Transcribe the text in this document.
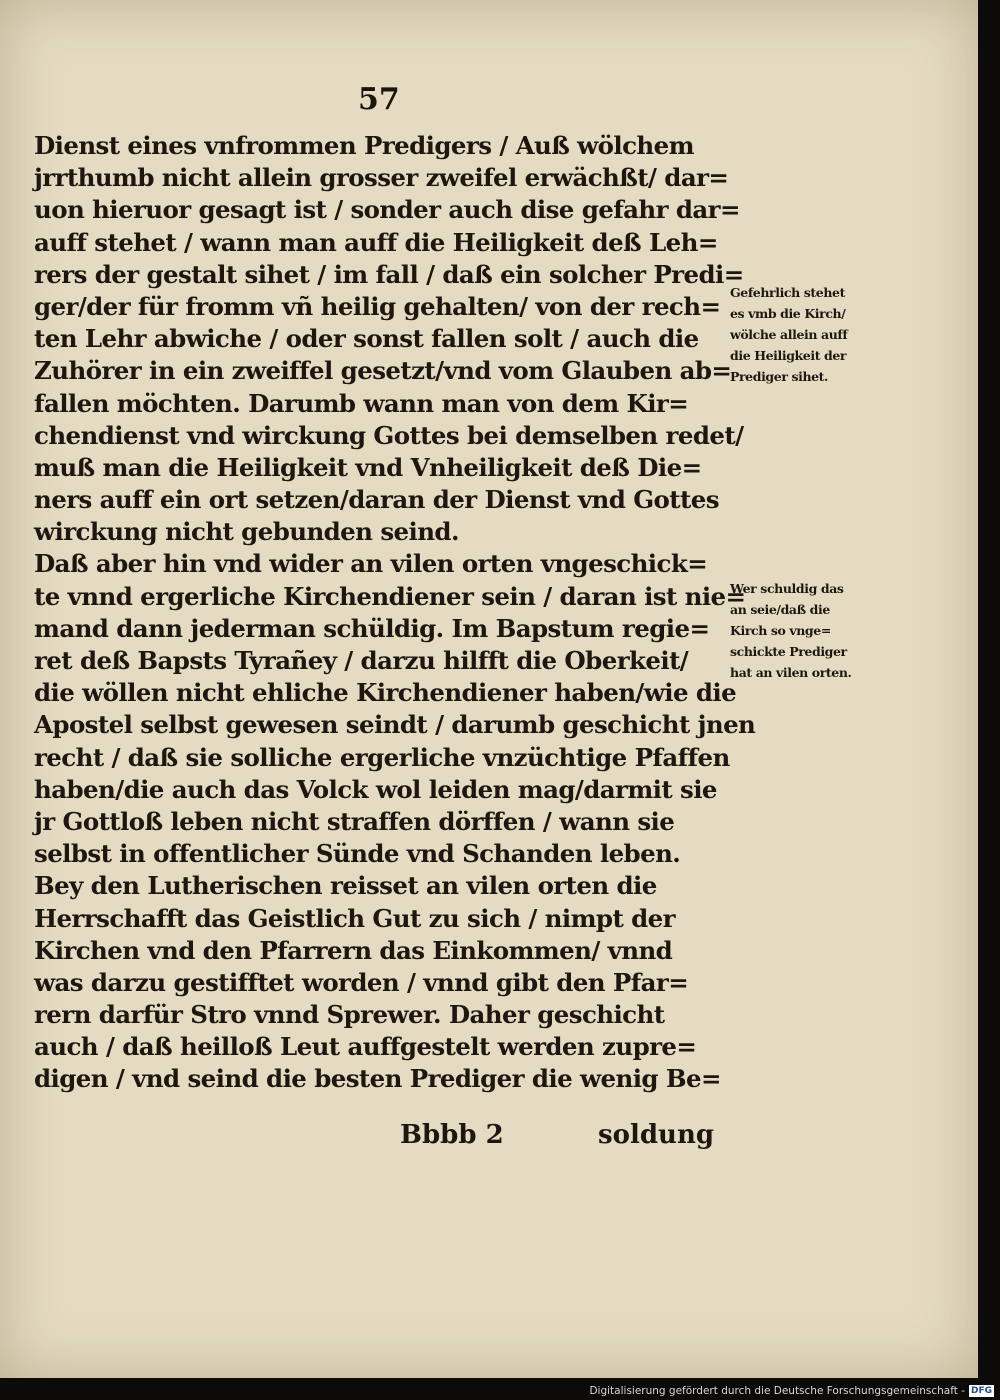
57
Dienst eines vnfrommen Predigers / Auß wölchem
jrrthumb nicht allein grosser zweifel erwächßt/ dar=
uon hieruor gesagt ist / sonder auch dise gefahr dar=
auff stehet / wann man auff die Heiligkeit deß Leh=
rers der gestalt sihet / im fall / daß ein solcher Predi=
ger/der für fromm vñ heilig gehalten/ von der rech=
ten Lehr abwiche / oder sonst fallen solt / auch die
Zuhörer in ein zweiffel gesetzt/vnd vom Glauben ab=
fallen möchten. Darumb wann man von dem Kir=
chendienst vnd wirckung Gottes bei demselben redet/
muß man die Heiligkeit vnd Vnheiligkeit deß Die=
ners auff ein ort setzen/daran der Dienst vnd Gottes
wirckung nicht gebunden seind.
Daß aber hin vnd wider an vilen orten vngeschick=
te vnnd ergerliche Kirchendiener sein / daran ist nie=
mand dann jederman schüldig. Im Bapstum regie=
ret deß Bapsts Tyrañey / darzu hilfft die Oberkeit/
die wöllen nicht ehliche Kirchendiener haben/wie die
Apostel selbst gewesen seindt / darumb geschicht jnen
recht / daß sie solliche ergerliche vnzüchtige Pfaffen
haben/die auch das Volck wol leiden mag/darmit sie
jr Gottloß leben nicht straffen dörffen / wann sie
selbst in offentlicher Sünde vnd Schanden leben.
Bey den Lutherischen reisset an vilen orten die
Herrschafft das Geistlich Gut zu sich / nimpt der
Kirchen vnd den Pfarrern das Einkommen/ vnnd
was darzu gestifftet worden / vnnd gibt den Pfar=
rern darfür Stro vnnd Sprewer. Daher geschicht
auch / daß heilloß Leut auffgestelt werden zupre=
digen / vnd seind die besten Prediger die wenig Be=
Gefehrlich stehet
es vmb die Kirch/
wölche allein auff
die Heiligkeit der
Prediger sihet.
Wer schuldig das
an seie/daß die
Kirch so vnge=
schickte Prediger
hat an vilen orten.
Bbbb 2	soldung
Digitalisierung gefördert durch die Deutsche Forschungsgemeinschaft - DFG
